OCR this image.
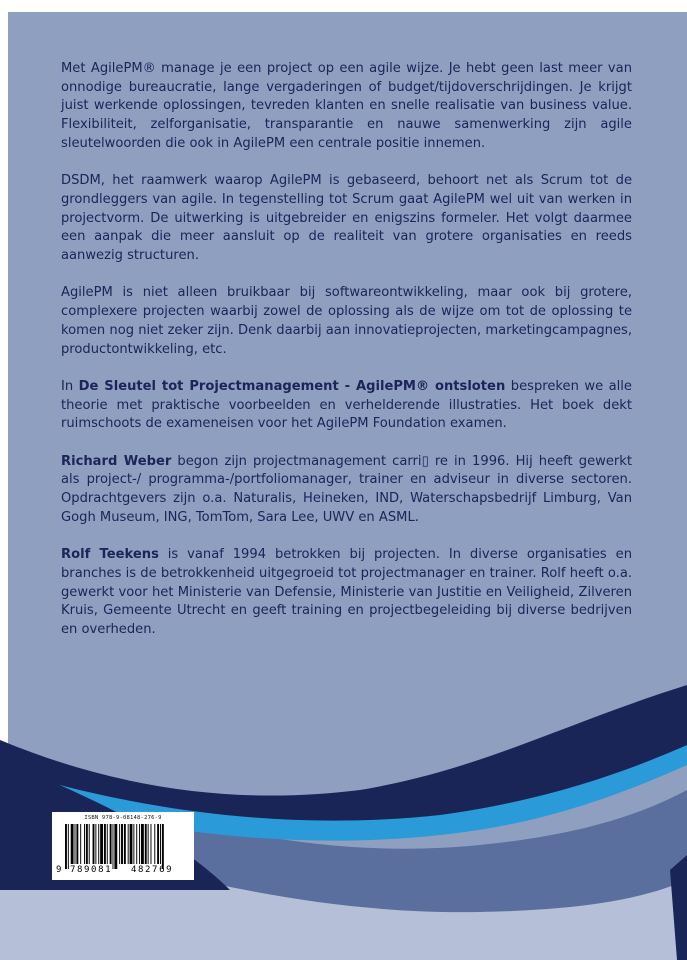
Met AgilePM® manage je een project op een agile wijze. Je hebt geen last meer van onnodige bureaucratie, lange vergaderingen of budget/tijdoverschrijdingen. Je krijgt juist werkende oplossingen, tevreden klanten en snelle realisatie van business value. Flexibiliteit, zelforganisatie, transparantie en nauwe samenwerking zijn agile sleutelwoorden die ook in AgilePM een centrale positie innemen.

DSDM, het raamwerk waarop AgilePM is gebaseerd, behoort net als Scrum tot de grondleggers van agile. In tegenstelling tot Scrum gaat AgilePM wel uit van werken in projectvorm. De uitwerking is uitgebreider en enigszins formeler. Het volgt daarmee een aanpak die meer aansluit op de realiteit van grotere organisaties en reeds aanwezig structuren.

AgilePM is niet alleen bruikbaar bij softwareontwikkeling, maar ook bij grotere, complexere projecten waarbij zowel de oplossing als de wijze om tot de oplossing te komen nog niet zeker zijn. Denk daarbij aan innovatieprojecten, marketingcampagnes, productontwikkeling, etc.

In De Sleutel tot Projectmanagement - AgilePM® ontsloten bespreken we alle theorie met praktische voorbeelden en verhelderende illustraties. Het boek dekt ruimschoots de exameneisen voor het AgilePM Foundation examen.

Richard Weber begon zijn projectmanagement carri▯ re in 1996. Hij heeft gewerkt als project-/ programma-/portfoliomanager, trainer en adviseur in diverse sectoren. Opdrachtgevers zijn o.a. Naturalis, Heineken, IND, Waterschapsbedrijf Limburg, Van Gogh Museum, ING, TomTom, Sara Lee, UWV en ASML.

Rolf Teekens is vanaf 1994 betrokken bij projecten. In diverse organisaties en branches is de betrokkenheid uitgegroeid tot projectmanager en trainer. Rolf heeft o.a. gewerkt voor het Ministerie van Defensie, Ministerie van Justitie en Veiligheid, Zilveren Kruis, Gemeente Utrecht en geeft training en projectbegeleiding bij diverse bedrijven en overheden.

ISBN 978-9-08148-276-9
9 789081 482769
